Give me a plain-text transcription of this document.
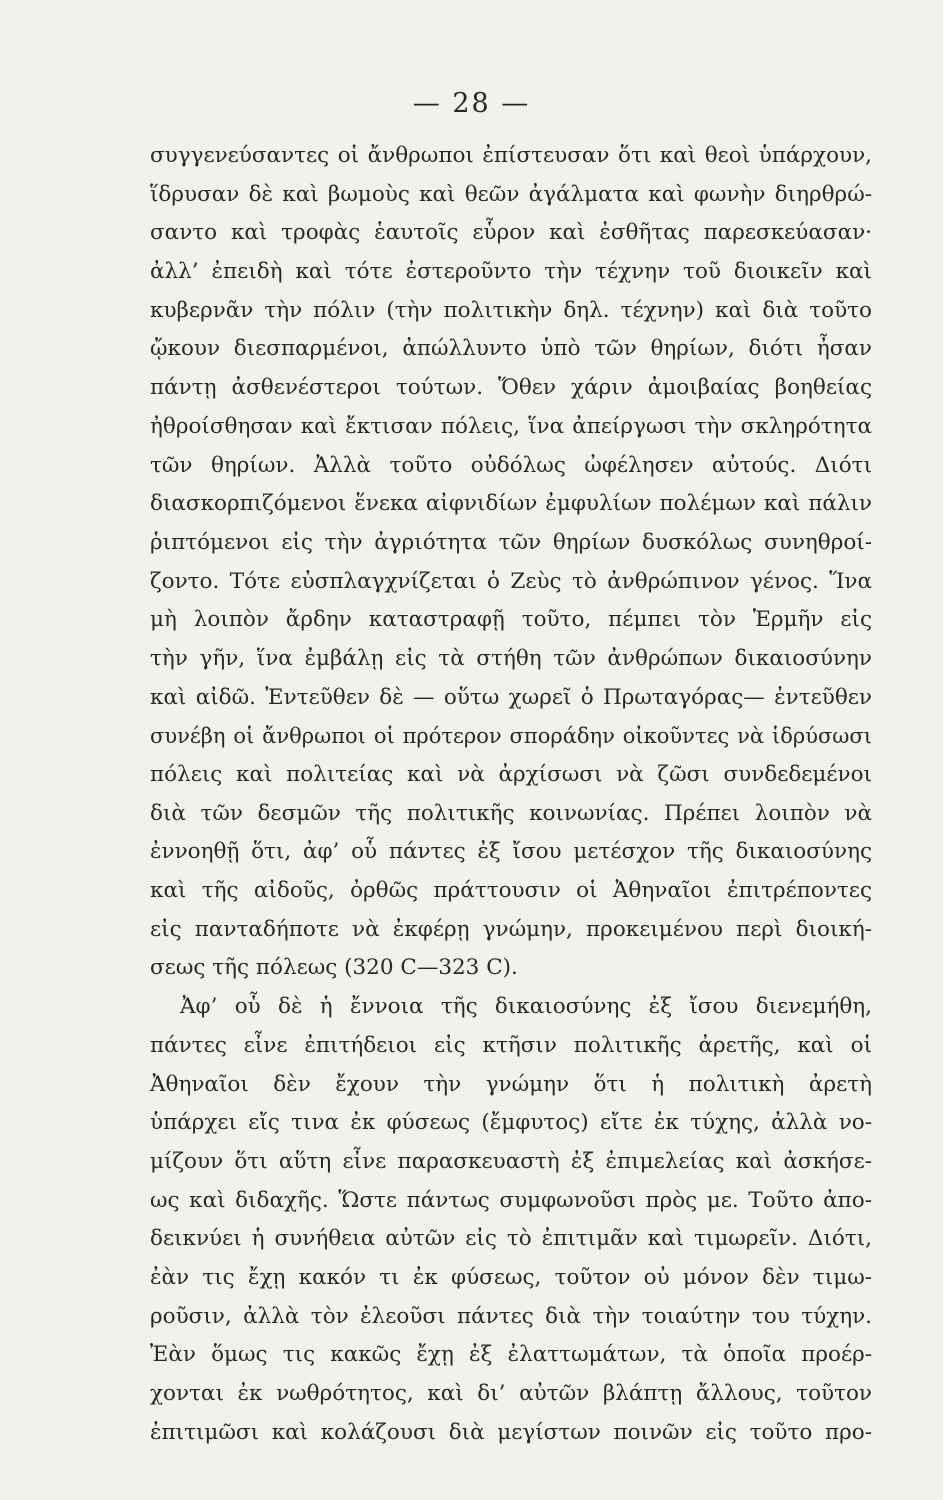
— 28 —
συγγενεύσαντες οἱ ἄνθρωποι ἐπίστευσαν ὅτι καὶ θεοὶ ὑπάρχουν,
ἵδρυσαν δὲ καὶ βωμοὺς καὶ θεῶν ἀγάλματα καὶ φωνὴν διηρθρώ-
σαντο καὶ τροφὰς ἑαυτοῖς εὗρον καὶ ἐσθῆτας παρεσκεύασαν·
ἀλλ’ ἐπειδὴ καὶ τότε ἐστεροῦντο τὴν τέχνην τοῦ διοικεῖν καὶ
κυβερνᾶν τὴν πόλιν (τὴν πολιτικὴν δηλ. τέχνην) καὶ διὰ τοῦτο
ᾤκουν διεσπαρμένοι, ἀπώλλυντο ὑπὸ τῶν θηρίων, διότι ἦσαν
πάντῃ ἀσθενέστεροι τούτων. Ὅθεν χάριν ἀμοιβαίας βοηθείας
ἠθροίσθησαν καὶ ἔκτισαν πόλεις, ἵνα ἀπείργωσι τὴν σκληρότητα
τῶν θηρίων. Ἀλλὰ τοῦτο οὐδόλως ὠφέλησεν αὐτούς. Διότι
διασκορπιζόμενοι ἕνεκα αἰφνιδίων ἐμφυλίων πολέμων καὶ πάλιν
ῥιπτόμενοι εἰς τὴν ἀγριότητα τῶν θηρίων δυσκόλως συνηθροί-
ζοντο. Τότε εὐσπλαγχνίζεται ὁ Ζεὺς τὸ ἀνθρώπινον γένος. Ἵνα
μὴ λοιπὸν ἄρδην καταστραφῇ τοῦτο, πέμπει τὸν Ἑρμῆν εἰς
τὴν γῆν, ἵνα ἐμβάλῃ εἰς τὰ στήθη τῶν ἀνθρώπων δικαιοσύνην
καὶ αἰδῶ. Ἐντεῦθεν δὲ — οὕτω χωρεῖ ὁ Πρωταγόρας— ἐντεῦθεν
συνέβη οἱ ἄνθρωποι οἱ πρότερον σποράδην οἰκοῦντες νὰ ἱδρύσωσι
πόλεις καὶ πολιτείας καὶ νὰ ἀρχίσωσι νὰ ζῶσι συνδεδεμένοι
διὰ τῶν δεσμῶν τῆς πολιτικῆς κοινωνίας. Πρέπει λοιπὸν νὰ
ἐννοηθῇ ὅτι, ἀφ’ οὗ πάντες ἐξ ἴσου μετέσχον τῆς δικαιοσύνης
καὶ τῆς αἰδοῦς, ὀρθῶς πράττουσιν οἱ Ἀθηναῖοι ἐπιτρέποντες
εἰς πανταδήποτε νὰ ἐκφέρῃ γνώμην, προκειμένου περὶ διοική-
σεως τῆς πόλεως (320 C—323 C).
Ἀφ’ οὗ δὲ ἡ ἔννοια τῆς δικαιοσύνης ἐξ ἴσου διενεμήθη,
πάντες εἶνε ἐπιτήδειοι εἰς κτῆσιν πολιτικῆς ἀρετῆς, καὶ οἱ
Ἀθηναῖοι δὲν ἔχουν τὴν γνώμην ὅτι ἡ πολιτικὴ ἀρετὴ
ὑπάρχει εἴς τινα ἐκ φύσεως (ἔμφυτος) εἴτε ἐκ τύχης, ἀλλὰ νο-
μίζουν ὅτι αὕτη εἶνε παρασκευαστὴ ἐξ ἐπιμελείας καὶ ἀσκήσε-
ως καὶ διδαχῆς. Ὥστε πάντως συμφωνοῦσι πρὸς με. Τοῦτο ἀπο-
δεικνύει ἡ συνήθεια αὐτῶν εἰς τὸ ἐπιτιμᾶν καὶ τιμωρεῖν. Διότι,
ἐὰν τις ἔχῃ κακόν τι ἐκ φύσεως, τοῦτον οὐ μόνον δὲν τιμω-
ροῦσιν, ἀλλὰ τὸν ἐλεοῦσι πάντες διὰ τὴν τοιαύτην του τύχην.
Ἐὰν ὅμως τις κακῶς ἔχῃ ἐξ ἐλαττωμάτων, τὰ ὁποῖα προέρ-
χονται ἐκ νωθρότητος, καὶ δι’ αὐτῶν βλάπτῃ ἄλλους, τοῦτον
ἐπιτιμῶσι καὶ κολάζουσι διὰ μεγίστων ποινῶν εἰς τοῦτο προ-
